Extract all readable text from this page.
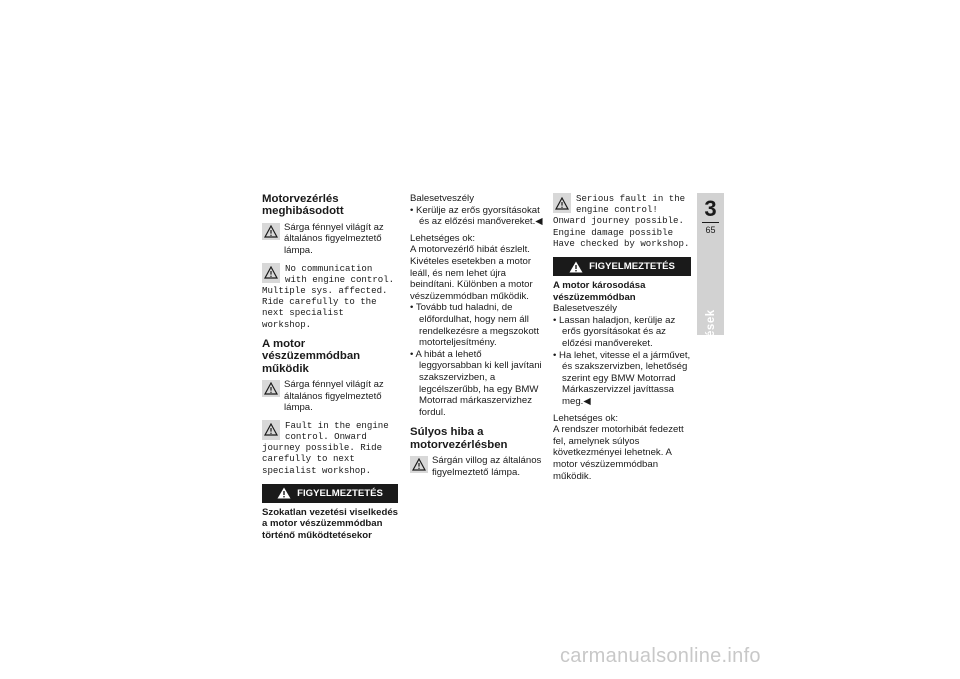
Motorvezérlés meghibásodott

Sárga fénnyel világít az általános figyelmeztető lámpa.

No communication with engine control. Multiple sys. affected. Ride carefully to the next specialist workshop.
A motor vészüzemmódban működik

Sárga fénnyel világít az általános figyelmeztető lámpa.

Fault in the engine control. Onward journey possible. Ride carefully to next specialist workshop.
FIGYELMEZTETÉS

Szokatlan vezetési viselkedés a motor vészüzemmódban történő működtetésekor

Balesetveszély

• Kerülje az erős gyorsításokat és az előzési manővereket.◀

Lehetséges ok:

A motorvezérlő hibát észlelt. Kivételes esetekben a motor leáll, és nem lehet újra beindítani. Különben a motor vészüzemmódban működik.

• Tovább tud haladni, de előfordulhat, hogy nem áll rendelkezésre a megszokott motorteljesítmény.
• A hibát a lehető leggyorsabban ki kell javítani szakszervizben, a legcélszerűbb, ha egy BMW Motorrad márkaszervizhez fordul.
Súlyos hiba a motorvezérlésben

Sárgán villog az általános figyelmeztető lámpa.

Serious fault in the engine control! Onward journey possible. Engine damage possible Have checked by workshop.
FIGYELMEZTETÉS

A motor károsodása vészüzemmódban

Balesetveszély

• Lassan haladjon, kerülje az erős gyorsításokat és az előzési manővereket.
• Ha lehet, vitesse el a járművet, és szakszervizben, lehetőség szerint egy BMW Motorrad Márkaszervizzel javíttassa meg.◀

Lehetséges ok:

A rendszer motorhibát fedezett fel, amelynek súlyos következményei lehetnek. A motor vészüzemmódban működik.

3
65
Kijelzések
carmanualsonline.info
